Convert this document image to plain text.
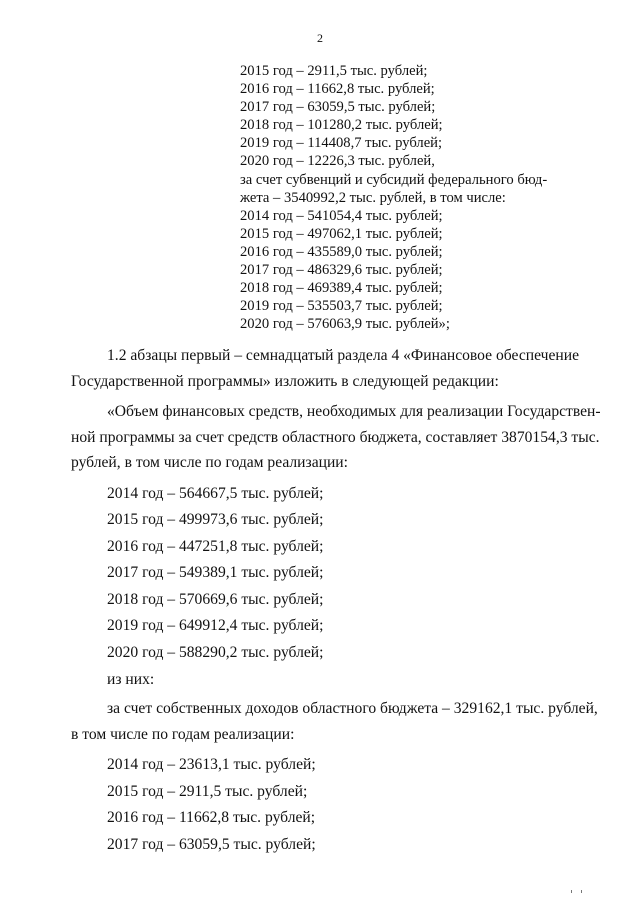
2
2015 год – 2911,5 тыс. рублей;
2016 год – 11662,8 тыс. рублей;
2017 год – 63059,5 тыс. рублей;
2018 год – 101280,2 тыс. рублей;
2019 год – 114408,7 тыс. рублей;
2020 год – 12226,3 тыс. рублей,
за счет субвенций и субсидий федерального бюд-
жета – 3540992,2 тыс. рублей, в том числе:
2014 год – 541054,4 тыс. рублей;
2015 год – 497062,1 тыс. рублей;
2016 год – 435589,0 тыс. рублей;
2017 год – 486329,6 тыс. рублей;
2018 год – 469389,4 тыс. рублей;
2019 год – 535503,7 тыс. рублей;
2020 год – 576063,9 тыс. рублей»;
1.2 абзацы первый – семнадцатый раздела 4 «Финансовое обеспечение
Государственной программы» изложить в следующей редакции:
«Объем финансовых средств, необходимых для реализации Государствен-
ной программы за счет средств областного бюджета, составляет 3870154,3 тыс.
рублей, в том числе по годам реализации:
2014 год – 564667,5 тыс. рублей;
2015 год – 499973,6 тыс. рублей;
2016 год – 447251,8 тыс. рублей;
2017 год – 549389,1 тыс. рублей;
2018 год – 570669,6 тыс. рублей;
2019 год – 649912,4 тыс. рублей;
2020 год – 588290,2 тыс. рублей;
из них:
за счет собственных доходов областного бюджета – 329162,1 тыс. рублей,
в том числе по годам реализации:
2014 год – 23613,1 тыс. рублей;
2015 год – 2911,5 тыс. рублей;
2016 год – 11662,8 тыс. рублей;
2017 год – 63059,5 тыс. рублей;
